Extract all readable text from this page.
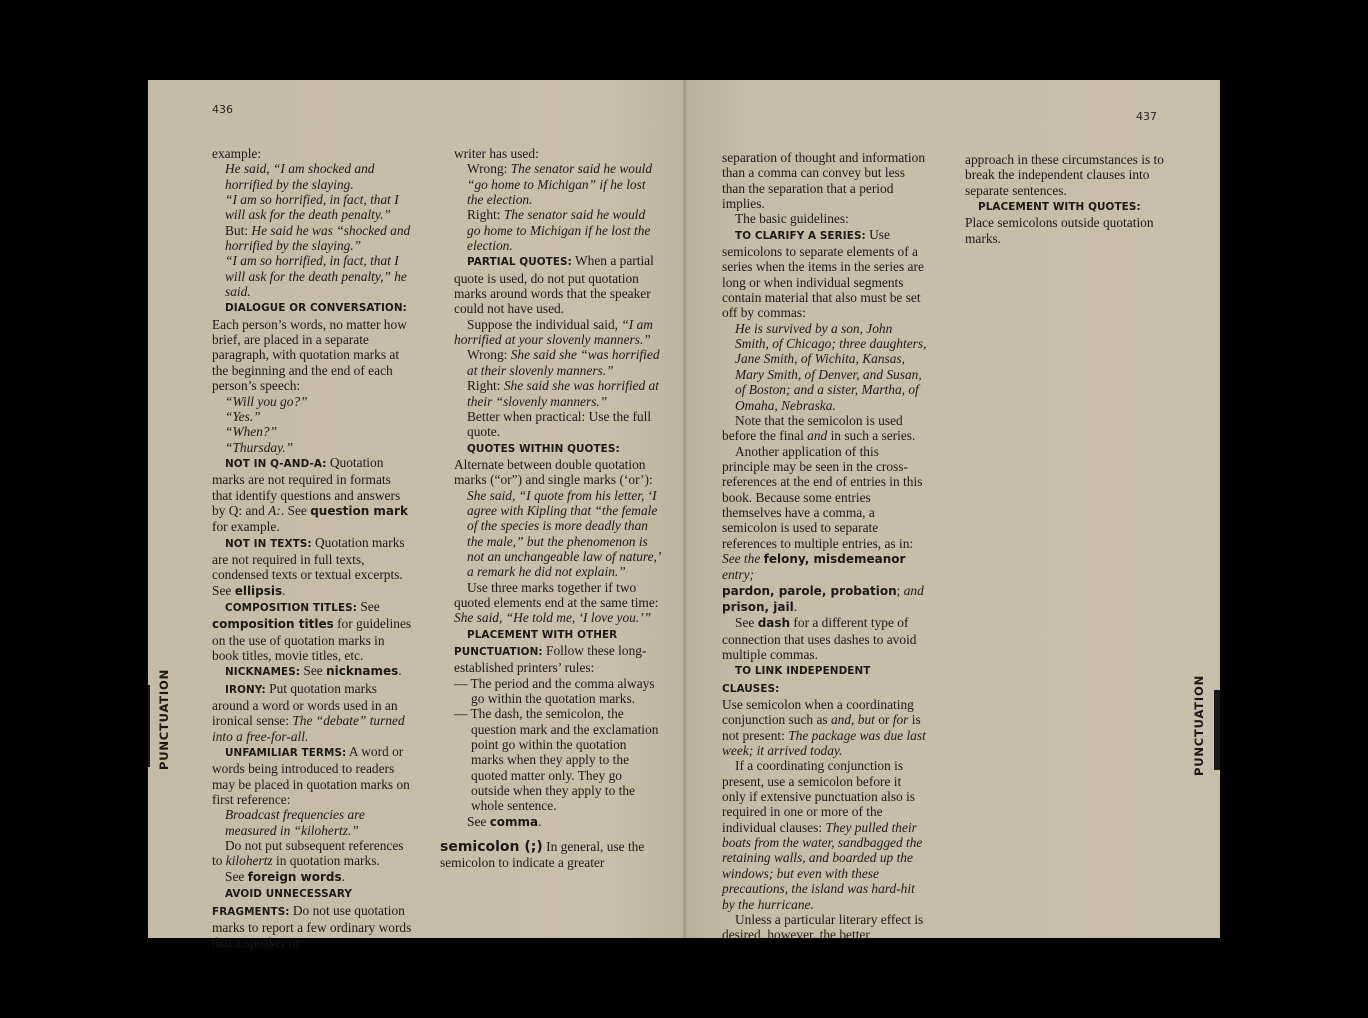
436

example:

He said, “I am shocked and horrified by the slaying.

“I am so horrified, in fact, that I will ask for the death penalty.”

But: He said he was “shocked and horrified by the slaying.”

“I am so horrified, in fact, that I will ask for the death penalty,” he said.

DIALOGUE OR CONVERSATION:

Each person’s words, no matter how brief, are placed in a separate paragraph, with quotation marks at the beginning and the end of each person’s speech:

“Will you go?”

“Yes.”

“When?”

“Thursday.”

NOT IN Q-AND-A: Quotation marks are not required in formats that identify questions and answers by Q: and A:. See question mark for example.

NOT IN TEXTS: Quotation marks are not required in full texts, condensed texts or textual excerpts. See ellipsis.

COMPOSITION TITLES: See composition titles for guidelines on the use of quotation marks in book titles, movie titles, etc.

NICKNAMES: See nicknames.

IRONY: Put quotation marks around a word or words used in an ironical sense: The “debate” turned into a free-for-all.

UNFAMILIAR TERMS: A word or words being introduced to readers may be placed in quotation marks on first reference:

Broadcast frequencies are measured in “kilohertz.”

Do not put subsequent references to kilohertz in quotation marks.

See foreign words.

AVOID UNNECESSARY FRAGMENTS: Do not use quotation marks to report a few ordinary words that a speaker or

writer has used:

Wrong: The senator said he would “go home to Michigan” if he lost the election.

Right: The senator said he would go home to Michigan if he lost the election.

PARTIAL QUOTES: When a partial quote is used, do not put quotation marks around words that the speaker could not have used.

Suppose the individual said, “I am horrified at your slovenly manners.”

Wrong: She said she “was horrified at their slovenly manners.”

Right: She said she was horrified at their “slovenly manners.”

Better when practical: Use the full quote.

QUOTES WITHIN QUOTES: Alternate between double quotation marks (“or”) and single marks (‘or’):

She said, “I quote from his letter, ‘I agree with Kipling that “the female of the species is more deadly than the male,” but the phenomenon is not an unchangeable law of nature,’ a remark he did not explain.”

Use three marks together if two quoted elements end at the same time: She said, “He told me, ‘I love you.’”

PLACEMENT WITH OTHER PUNCTUATION: Follow these long-established printers’ rules:

— The period and the comma always go within the quotation marks.

— The dash, the semicolon, the question mark and the exclamation point go within the quotation marks when they apply to the quoted matter only. They go outside when they apply to the whole sentence.

See comma.

semicolon (;) In general, use the semicolon to indicate a greater

PUNCTUATION
437

separation of thought and information than a comma can convey but less than the separation that a period implies.

The basic guidelines:

TO CLARIFY A SERIES: Use semicolons to separate elements of a series when the items in the series are long or when individual segments contain material that also must be set off by commas:

He is survived by a son, John Smith, of Chicago; three daughters, Jane Smith, of Wichita, Kansas, Mary Smith, of Denver, and Susan, of Boston; and a sister, Martha, of Omaha, Nebraska.

Note that the semicolon is used before the final and in such a series.

Another application of this principle may be seen in the cross-references at the end of entries in this book. Because some entries themselves have a comma, a semicolon is used to separate references to multiple entries, as in: See the felony, misdemeanor entry;

pardon, parole, probation; and prison, jail.

See dash for a different type of connection that uses dashes to avoid multiple commas.

TO LINK INDEPENDENT CLAUSES:

Use semicolon when a coordinating conjunction such as and, but or for is not present: The package was due last week; it arrived today.

If a coordinating conjunction is present, use a semicolon before it only if extensive punctuation also is required in one or more of the individual clauses: They pulled their boats from the water, sandbagged the retaining walls, and boarded up the windows; but even with these precautions, the island was hard-hit by the hurricane.

Unless a particular literary effect is desired, however, the better

approach in these circumstances is to break the independent clauses into separate sentences.

PLACEMENT WITH QUOTES: Place semicolons outside quotation marks.

PUNCTUATION
